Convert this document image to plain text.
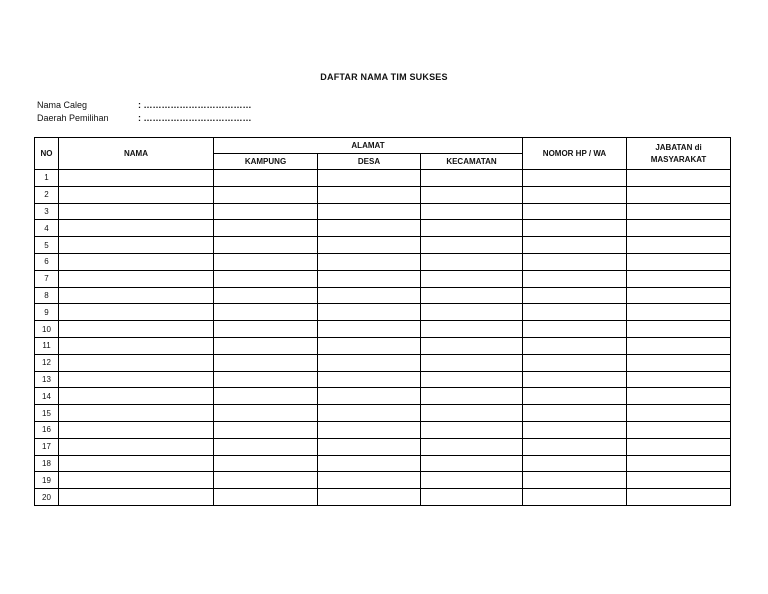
DAFTAR NAMA TIM SUKSES
Nama Caleg	: ………………………………
Daerah Pemilihan	: ………………………………
NO	NAMA	ALAMAT			NOMOR HP / WA	JABATAN di
MASYARAKAT
		KAMPUNG	DESA	KECAMATAN		
1						
2						
3						
4						
5						
6						
7						
8						
9						
10						
11						
12						
13						
14						
15						
16						
17						
18						
19						
20						
